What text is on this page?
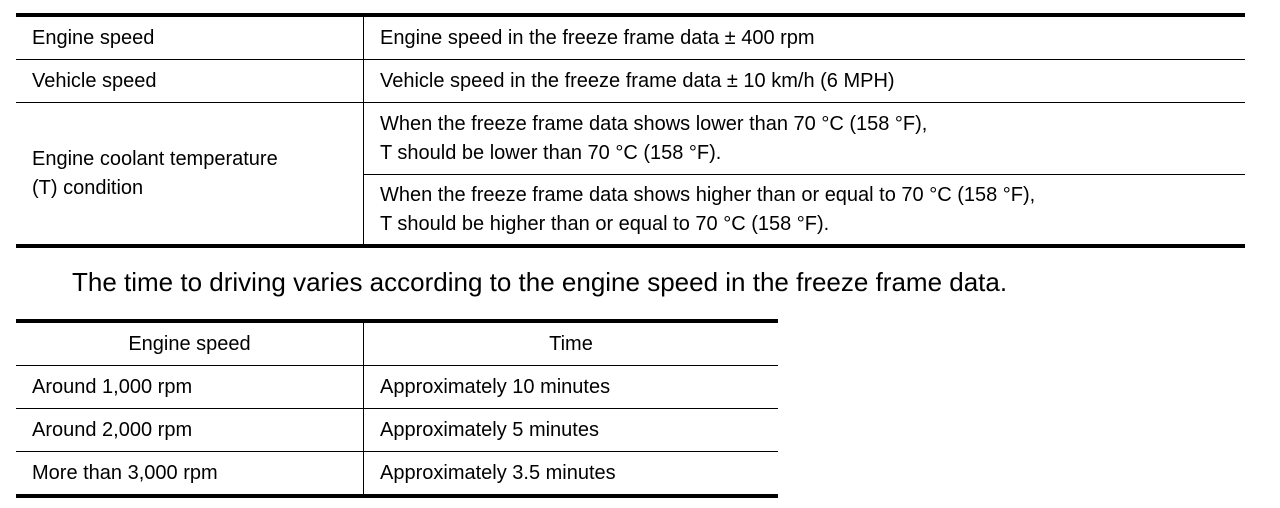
Engine speed	Engine speed in the freeze frame data ± 400 rpm
Vehicle speed	Vehicle speed in the freeze frame data ± 10 km/h (6 MPH)

Engine coolant temperature
(T) condition	When the freeze frame data shows lower than 70 °C (158 °F),
T should be lower than 70 °C (158 °F).

	When the freeze frame data shows higher than or equal to 70 °C (158 °F),
T should be higher than or equal to 70 °C (158 °F).
The time to driving varies according to the engine speed in the freeze frame data.
Engine speed	Time
Around 1,000 rpm	Approximately 10 minutes
Around 2,000 rpm	Approximately 5 minutes
More than 3,000 rpm	Approximately 3.5 minutes
